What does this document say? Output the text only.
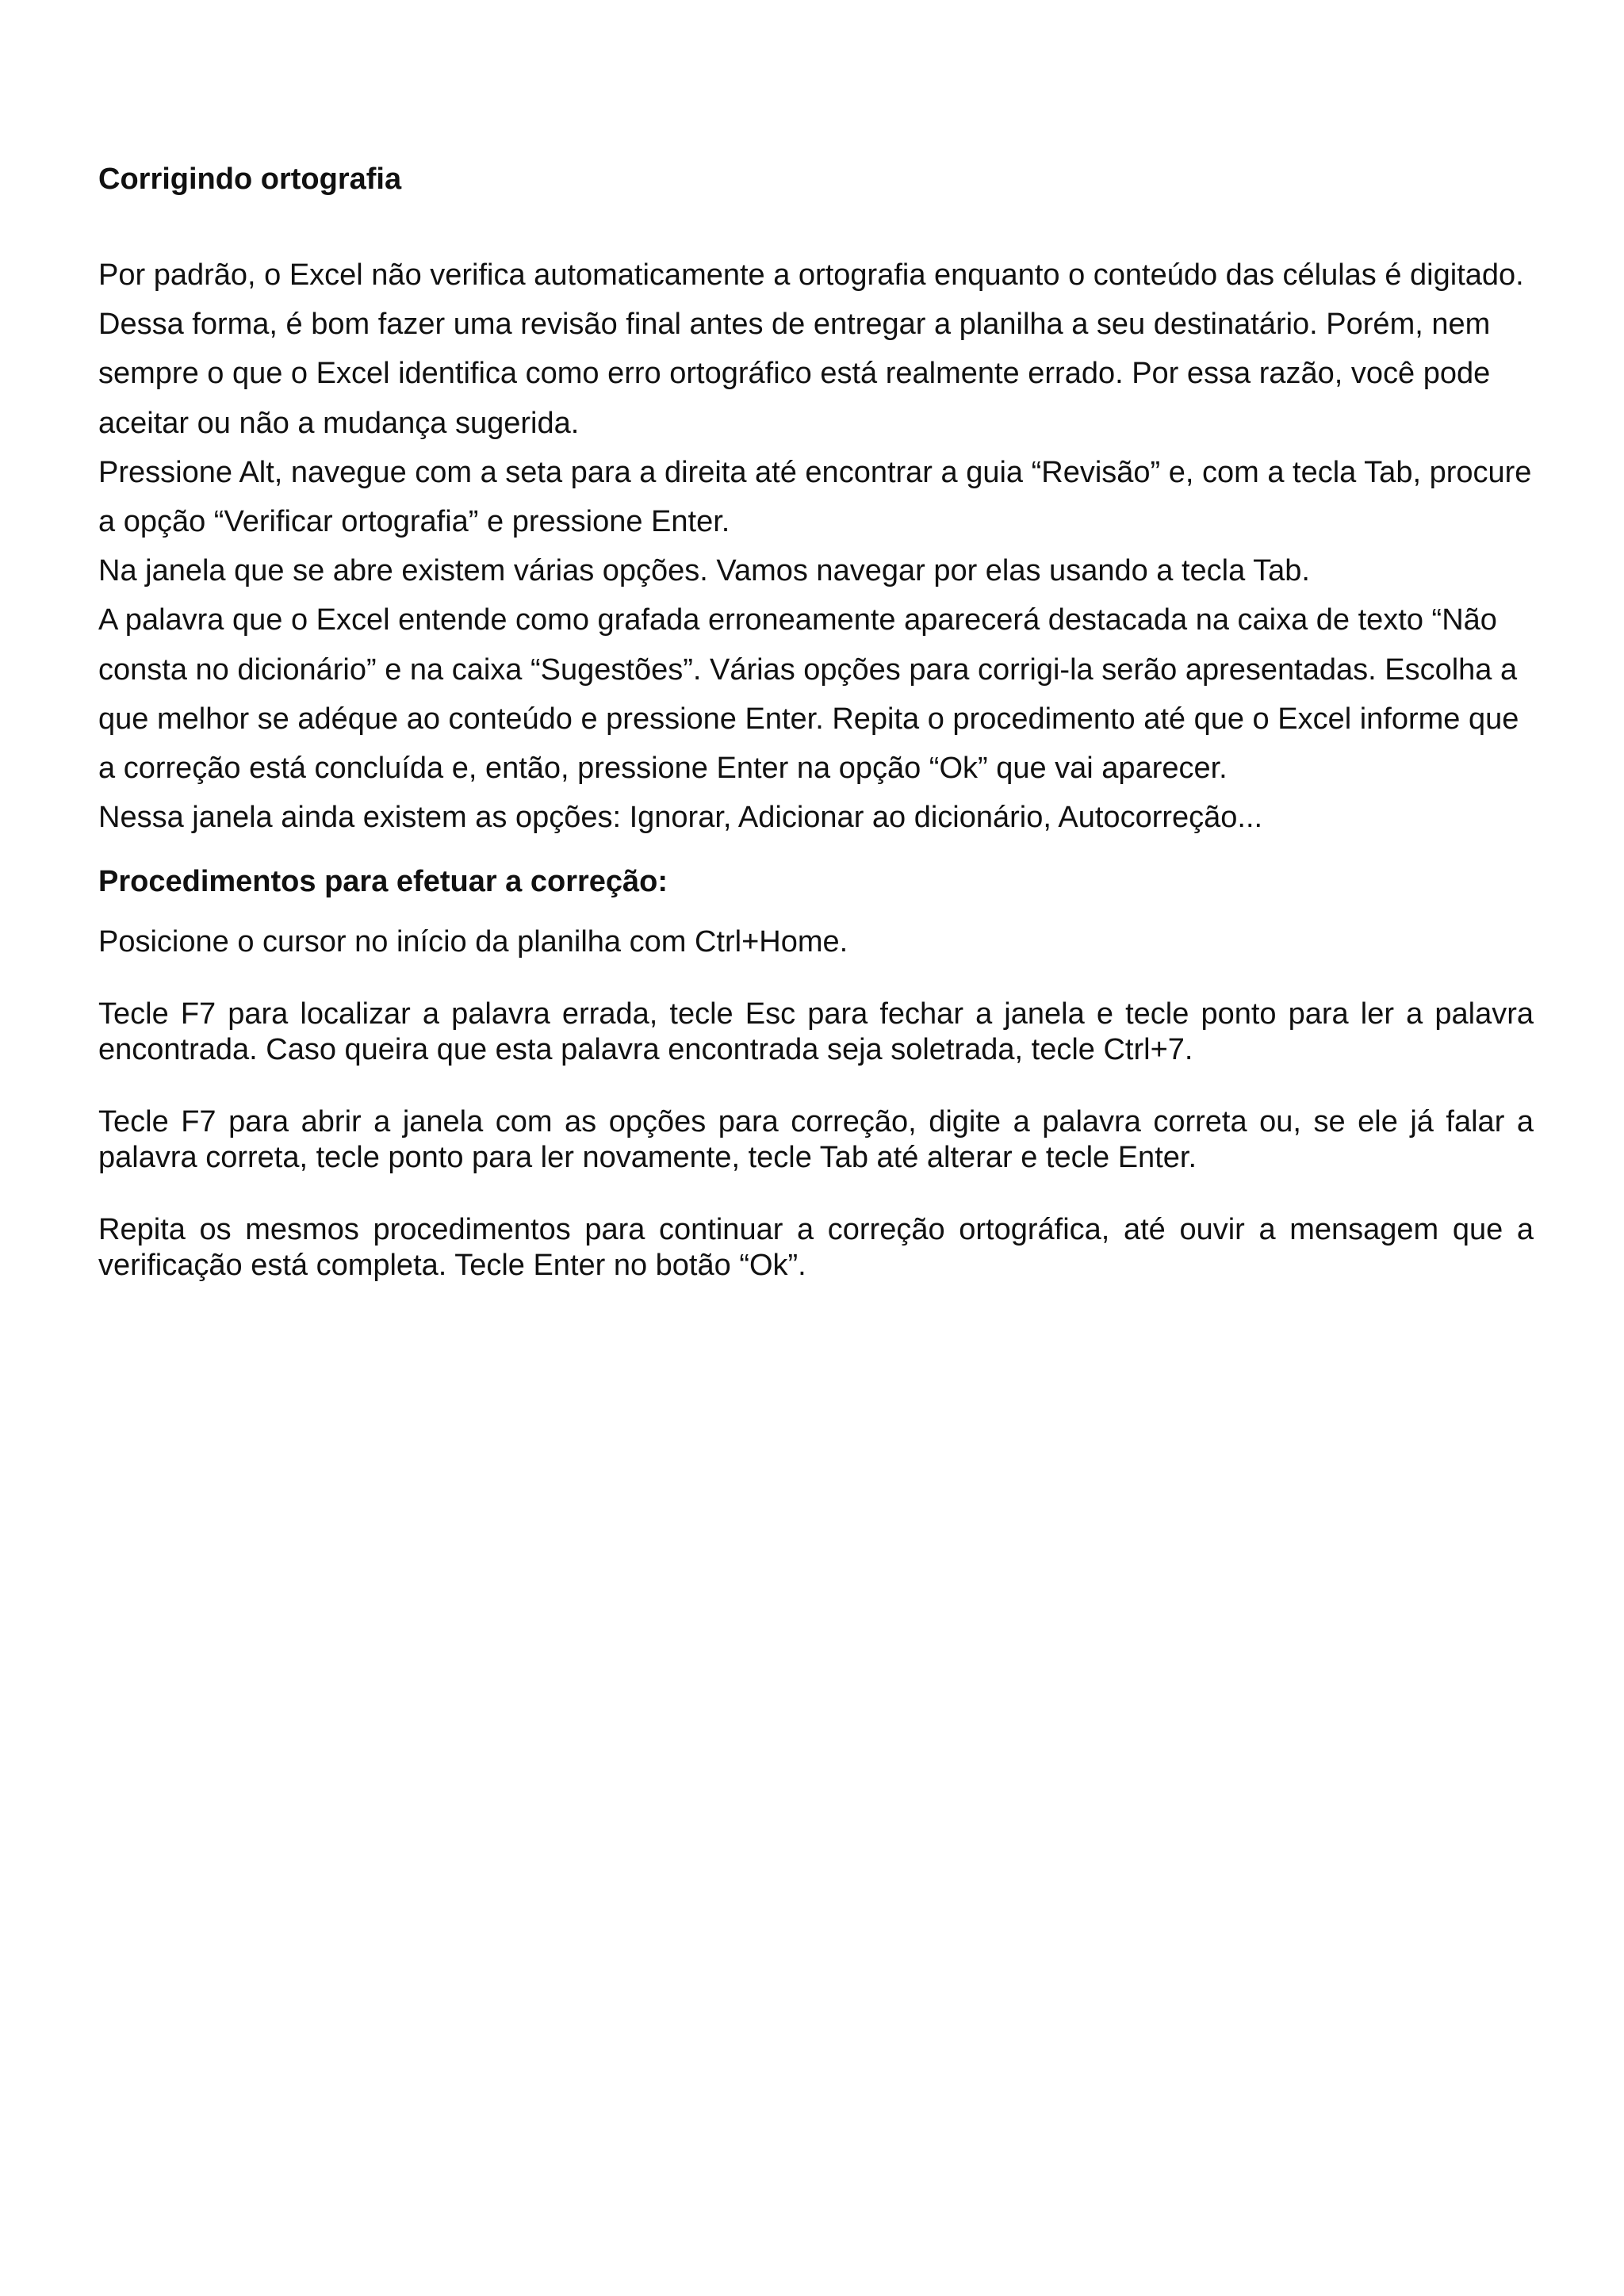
Corrigindo ortografia

Por padrão, o Excel não verifica automaticamente a ortografia enquanto o conteúdo das células é digitado. Dessa forma, é bom fazer uma revisão final antes de entregar a planilha a seu destinatário. Porém, nem sempre o que o Excel identifica como erro ortográfico está realmente errado. Por essa razão, você pode aceitar ou não a mudança sugerida.

Pressione Alt, navegue com a seta para a direita até encontrar a guia “Revisão” e, com a tecla Tab, procure a opção “Verificar ortografia” e pressione Enter.

Na janela que se abre existem várias opções. Vamos navegar por elas usando a tecla Tab.

A palavra que o Excel entende como grafada erroneamente aparecerá destacada na caixa de texto “Não consta no dicionário” e na caixa “Sugestões”. Várias opções para corrigi-la serão apresentadas. Escolha a que melhor se adéque ao conteúdo e pressione Enter. Repita o procedimento até que o Excel informe que a correção está concluída e, então, pressione Enter na opção “Ok” que vai aparecer.

Nessa janela ainda existem as opções: Ignorar, Adicionar ao dicionário, Autocorreção...

Procedimentos para efetuar a correção:

Posicione o cursor no início da planilha com Ctrl+Home.

Tecle F7 para localizar a palavra errada, tecle Esc para fechar a janela e tecle ponto para ler a palavra encontrada. Caso queira que esta palavra encontrada seja soletrada, tecle Ctrl+7.

Tecle F7 para abrir a janela com as opções para correção, digite a palavra correta ou, se ele já falar a palavra correta, tecle ponto para ler novamente, tecle Tab até alterar e tecle Enter.

Repita os mesmos procedimentos para continuar a correção ortográfica, até ouvir a mensagem que a verificação está completa. Tecle Enter no botão “Ok”.
